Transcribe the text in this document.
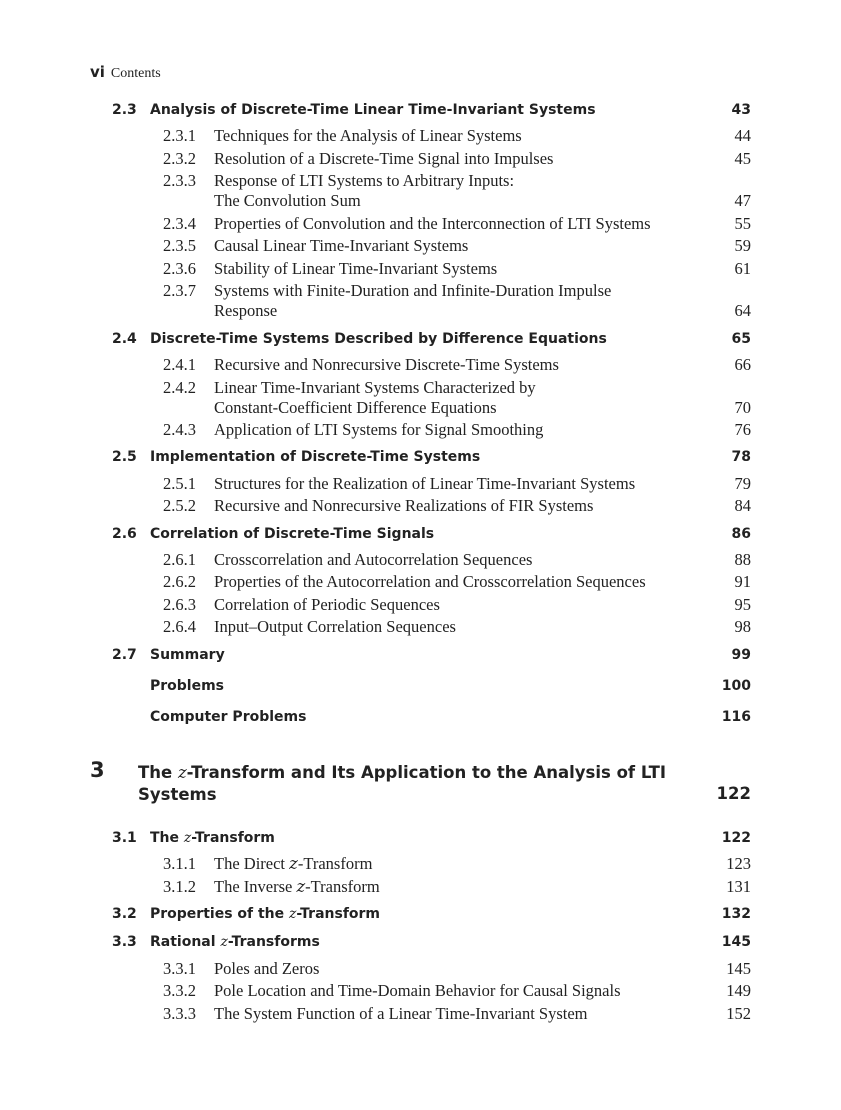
vi Contents
2.3 Analysis of Discrete-Time Linear Time-Invariant Systems	43
2.3.1 Techniques for the Analysis of Linear Systems	44
2.3.2 Resolution of a Discrete-Time Signal into Impulses	45
2.3.3 Response of LTI Systems to Arbitrary Inputs:
The Convolution Sum	47
2.3.4 Properties of Convolution and the Interconnection of LTI Systems	55
2.3.5 Causal Linear Time-Invariant Systems	59
2.3.6 Stability of Linear Time-Invariant Systems	61
2.3.7 Systems with Finite-Duration and Infinite-Duration Impulse
Response	64
2.4 Discrete-Time Systems Described by Difference Equations	65
2.4.1 Recursive and Nonrecursive Discrete-Time Systems	66
2.4.2 Linear Time-Invariant Systems Characterized by
Constant-Coefficient Difference Equations	70
2.4.3 Application of LTI Systems for Signal Smoothing	76
2.5 Implementation of Discrete-Time Systems	78
2.5.1 Structures for the Realization of Linear Time-Invariant Systems	79
2.5.2 Recursive and Nonrecursive Realizations of FIR Systems	84
2.6 Correlation of Discrete-Time Signals	86
2.6.1 Crosscorrelation and Autocorrelation Sequences	88
2.6.2 Properties of the Autocorrelation and Crosscorrelation Sequences	91
2.6.3 Correlation of Periodic Sequences	95
2.6.4 Input–Output Correlation Sequences	98
2.7 Summary	99
Problems	100
Computer Problems	116
3 The z-Transform and Its Application to the Analysis of LTI
Systems	122
3.1 The z-Transform	122
3.1.1 The Direct z-Transform	123
3.1.2 The Inverse z-Transform	131
3.2 Properties of the z-Transform	132
3.3 Rational z-Transforms	145
3.3.1 Poles and Zeros	145
3.3.2 Pole Location and Time-Domain Behavior for Causal Signals	149
3.3.3 The System Function of a Linear Time-Invariant System	152
